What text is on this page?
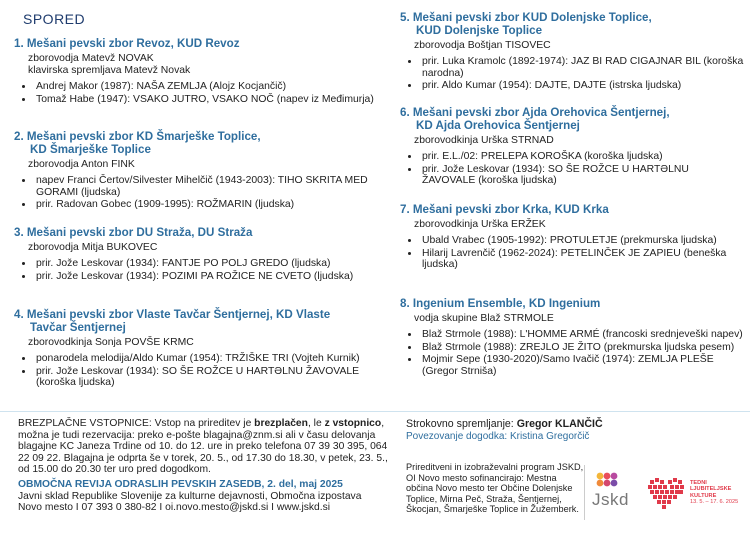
SPORED
1. Mešani pevski zbor Revoz, KUD Revoz
zborovodja Matevž NOVAK
klavirska spremljava Matevž Novak
• Andrej Makor (1987): NAŠA ZEMLJA (Alojz Kocjančič)
• Tomaž Habe (1947): VSAKO JUTRO, VSAKO NOČ (napev iz Međimurja)
2. Mešani pevski zbor KD Šmarješke Toplice,
KD Šmarješke Toplice
zborovodja Anton FINK
• napev Franci Čertov/Silvester Mihelčič (1943-2003): TIHO SKRITA MED GORAMI (ljudska)
• prir. Radovan Gobec (1909-1995): ROŽMARIN (ljudska)
3. Mešani pevski zbor DU Straža, DU Straža
zborovodja Mitja BUKOVEC
• prir. Jože Leskovar (1934): FANTJE PO POLJ GREDO (ljudska)
• prir. Jože Leskovar (1934): POZIMI PA ROŽICE NE CVETO (ljudska)
4. Mešani pevski zbor Vlaste Tavčar Šentjernej, KD Vlaste
Tavčar Šentjernej
zborovodkinja Sonja POVŠE KRMC
• ponarodela melodija/Aldo Kumar (1954): TRŽIŠKE TRI (Vojteh Kurnik)
• prir. Jože Leskovar (1934): SO ŠE ROŽCE U HARTƏLNU ŽAVOVALE (koroška ljudska)
5. Mešani pevski zbor KUD Dolenjske Toplice,
KUD Dolenjske Toplice
zborovodja Boštjan TISOVEC
• prir. Luka Kramolc (1892-1974): JAZ BI RAD CIGAJNAR BIL (koroška narodna)
• prir. Aldo Kumar (1954): DAJTE, DAJTE (istrska ljudska)
6. Mešani pevski zbor Ajda Orehovica Šentjernej,
KD Ajda Orehovica Šentjernej
zborovodkinja Urška STRNAD
• prir. E.L./02: PRELEPA KOROŠKA (koroška ljudska)
• prir. Jože Leskovar (1934): SO ŠE ROŽCE U HARTƏLNU ŽAVOVALE (koroška ljudska)
7. Mešani pevski zbor Krka, KUD Krka
zborovodkinja Urška ERŽEK
• Ubald Vrabec (1905-1992): PROTULETJE (prekmurska ljudska)
• Hilarij Lavrenčič (1962-2024): PETELINČEK JE ZAPIEU (beneška ljudska)
8. Ingenium Ensemble, KD Ingenium
vodja skupine Blaž STRMOLE
• Blaž Strmole (1988): L'HOMME ARMÉ (francoski srednjeveški napev)
• Blaž Strmole (1988): ZREJLO JE ŽITO (prekmurska ljudska pesem)
• Mojmir Sepe (1930-2020)/Samo Ivačič (1974): ZEMLJA PLEŠE (Gregor Strniša)
BREZPLAČNE VSTOPNICE: Vstop na prireditev je brezplačen, le z vstopnico, možna je tudi rezervacija: preko e-pošte blagajna@znm.si ali v času delovanja blagajne KC Janeza Trdine od 10. do 12. ure in preko telefona 07 39 30 395, 064 22 09 22. Blagajna je odprta še v torek, 20. 5., od 17.30 do 18.30, v petek, 23. 5., od 15.00 do 20.30 ter uro pred dogodkom.
OBMOČNA REVIJA ODRASLIH PEVSKIH ZASEDB, 2. del, maj 2025
Javni sklad Republike Slovenije za kulturne dejavnosti, Območna izpostava Novo mesto I 07 393 0 380-82 I oi.novo.mesto@jskd.si I www.jskd.si
Strokovno spremljanje: Gregor KLANČIČ
Povezovanje dogodka: Kristina Gregorčič
Prireditveni in izobraževalni program JSKD, OI Novo mesto sofinancirajo: Mestna občina Novo mesto ter Občine Dolenjske Toplice, Mirna Peč, Straža, Šentjernej, Škocjan, Šmarješke Toplice in Žužemberk.
Jskd
TEDNI
LJUBITELJSKE
KULTURE
13. 5. – 17. 6. 2025
